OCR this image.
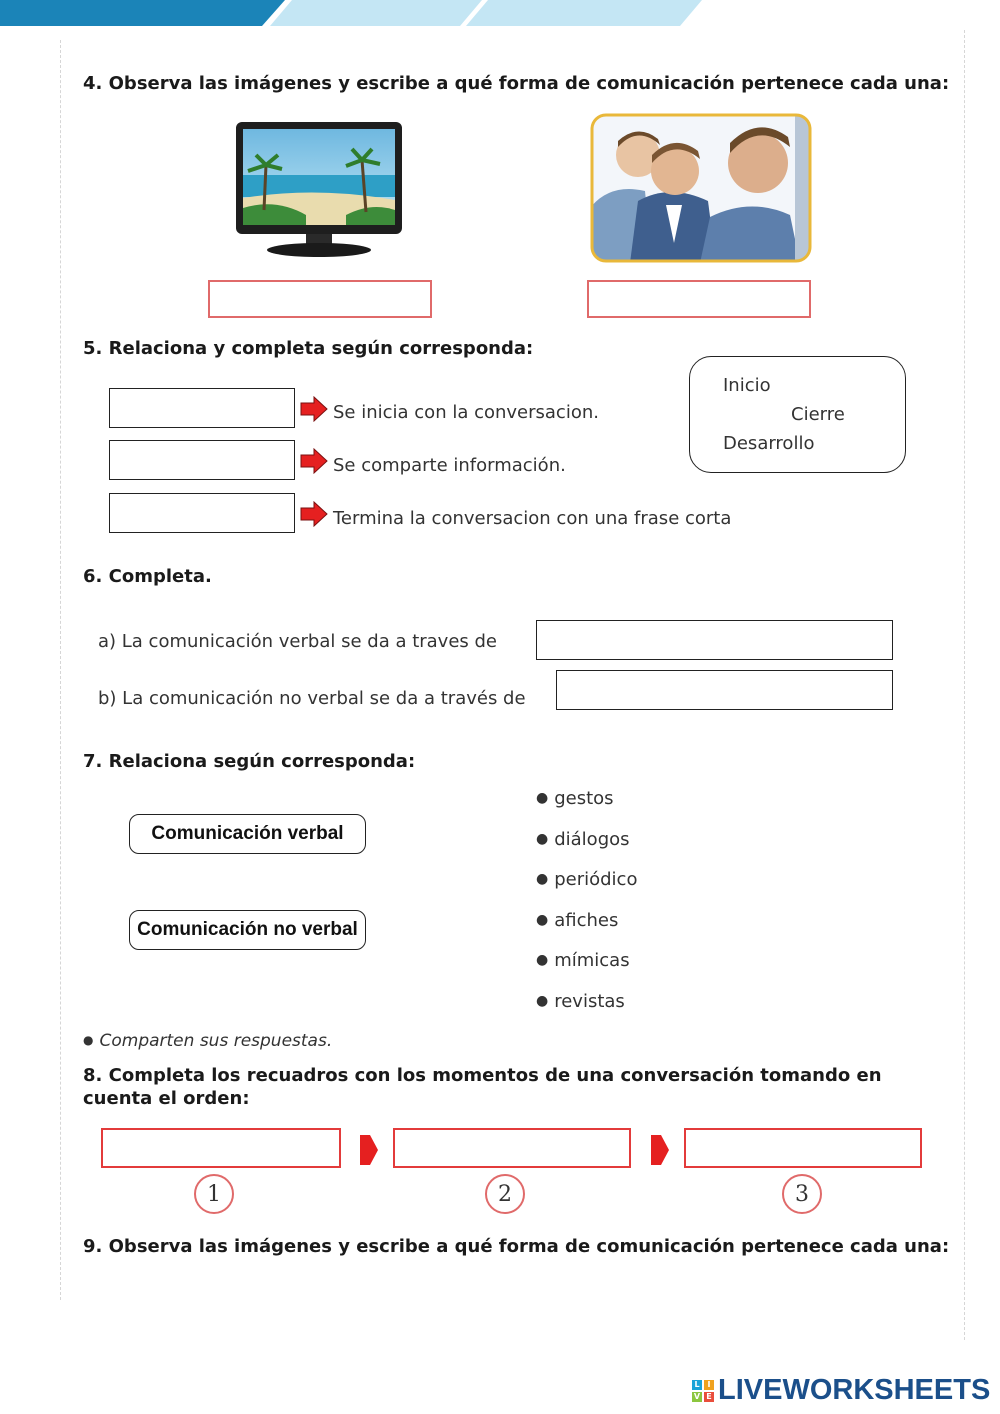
4. Observa las imágenes y escribe a qué forma de comunicación pertenece cada una:
5. Relaciona y completa según corresponda:
Se inicia con la conversacion.
Se comparte información.
Termina la conversacion con una frase corta
Inicio
Cierre
Desarrollo
6. Completa.
a) La comunicación verbal se da a traves de
b) La comunicación no verbal se da a través de
7. Relaciona según corresponda:
Comunicación verbal
Comunicación no verbal
● gestos
● diálogos
● periódico
● afiches
● mímicas
● revistas
● Comparten sus respuestas.
8. Completa los recuadros con los momentos de una conversación tomando en cuenta el orden:
1	2	3
9. Observa las imágenes y escribe a qué forma de comunicación pertenece cada una:
L I
V E LIVEWORKSHEETS
